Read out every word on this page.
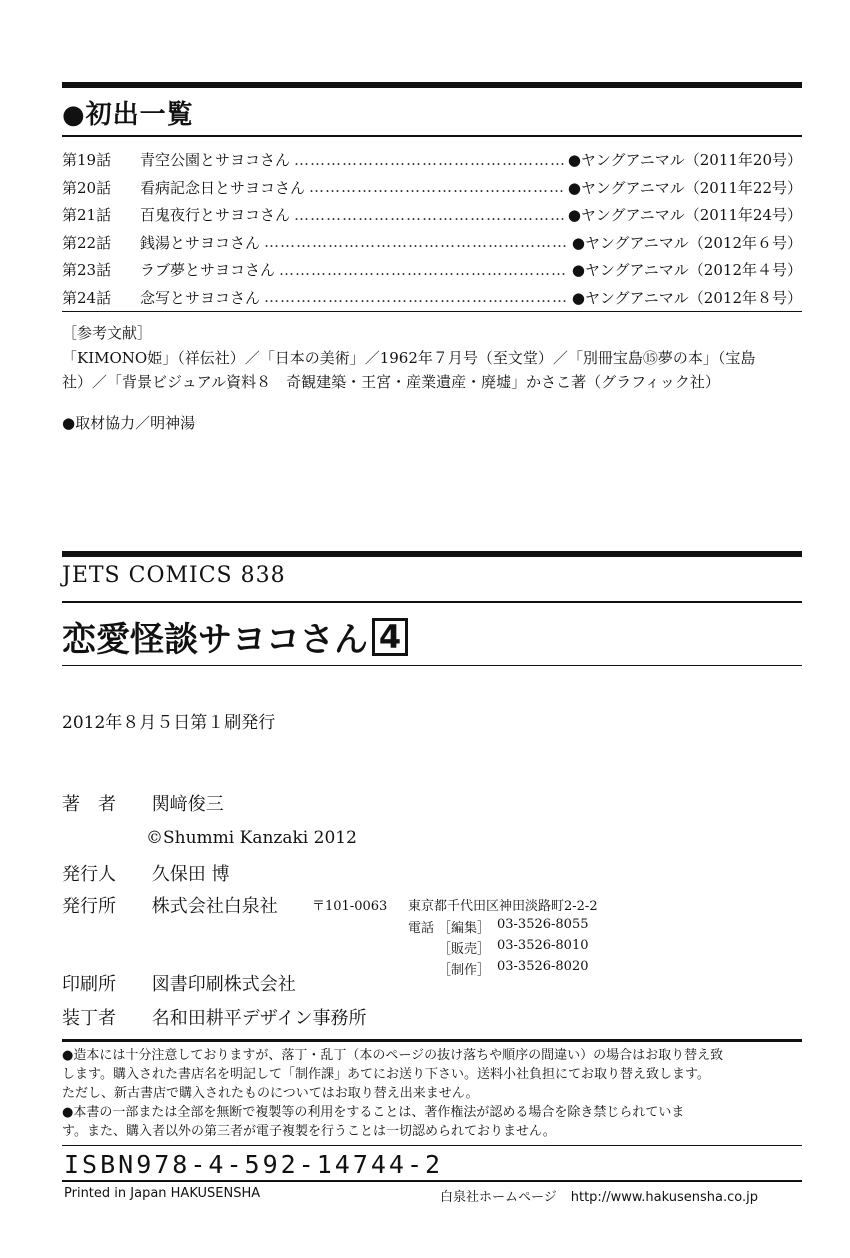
●初出一覧
第19話	青空公園とサヨコさん ………………………………………………………………………………………………………………………………………………………………………	●ヤングアニマル（2011年20号）
第20話	看病記念日とサヨコさん ………………………………………………………………………………………………………………………………………………………………………	●ヤングアニマル（2011年22号）
第21話	百鬼夜行とサヨコさん ………………………………………………………………………………………………………………………………………………………………………	●ヤングアニマル（2011年24号）
第22話	銭湯とサヨコさん ………………………………………………………………………………………………………………………………………………………………………	●ヤングアニマル（2012年６号）
第23話	ラブ夢とサヨコさん ………………………………………………………………………………………………………………………………………………………………………	●ヤングアニマル（2012年４号）
第24話	念写とサヨコさん ………………………………………………………………………………………………………………………………………………………………………	●ヤングアニマル（2012年８号）
［参考文献］
「KIMONO姫」（祥伝社）／「日本の美術」／1962年７月号（至文堂）／「別冊宝島⑮夢の本」（宝島
社）／「背景ビジュアル資料８　奇観建築・王宮・産業遺産・廃墟」かさこ著（グラフィック社）
●取材協力／明神湯
JETS COMICS 838
恋愛怪談サヨコさん 4
2012年８月５日第１刷発行
著　者 関﨑俊三
©Shummi Kanzaki 2012
発行人 久保田 博
発行所 株式会社白泉社
印刷所 図書印刷株式会社
装丁者 名和田耕平デザイン事務所
〒101-0063 東京都千代田区神田淡路町2-2-2
電話 ［編集］ 03-3526-8055
［販売］ 03-3526-8010
［制作］ 03-3526-8020
●造本には十分注意しておりますが、落丁・乱丁（本のページの抜け落ちや順序の間違い）の場合はお取り替え致
します。購入された書店名を明記して「制作課」あてにお送り下さい。送料小社負担にてお取り替え致します。
ただし、新古書店で購入されたものについてはお取り替え出来ません。
●本書の一部または全部を無断で複製等の利用をすることは、著作権法が認める場合を除き禁じられていま
す。また、購入者以外の第三者が電子複製を行うことは一切認められておりません。
ISBN978-4-592-14744-2
Printed in Japan HAKUSENSHA	白泉社ホームページ http://www.hakusensha.co.jp
